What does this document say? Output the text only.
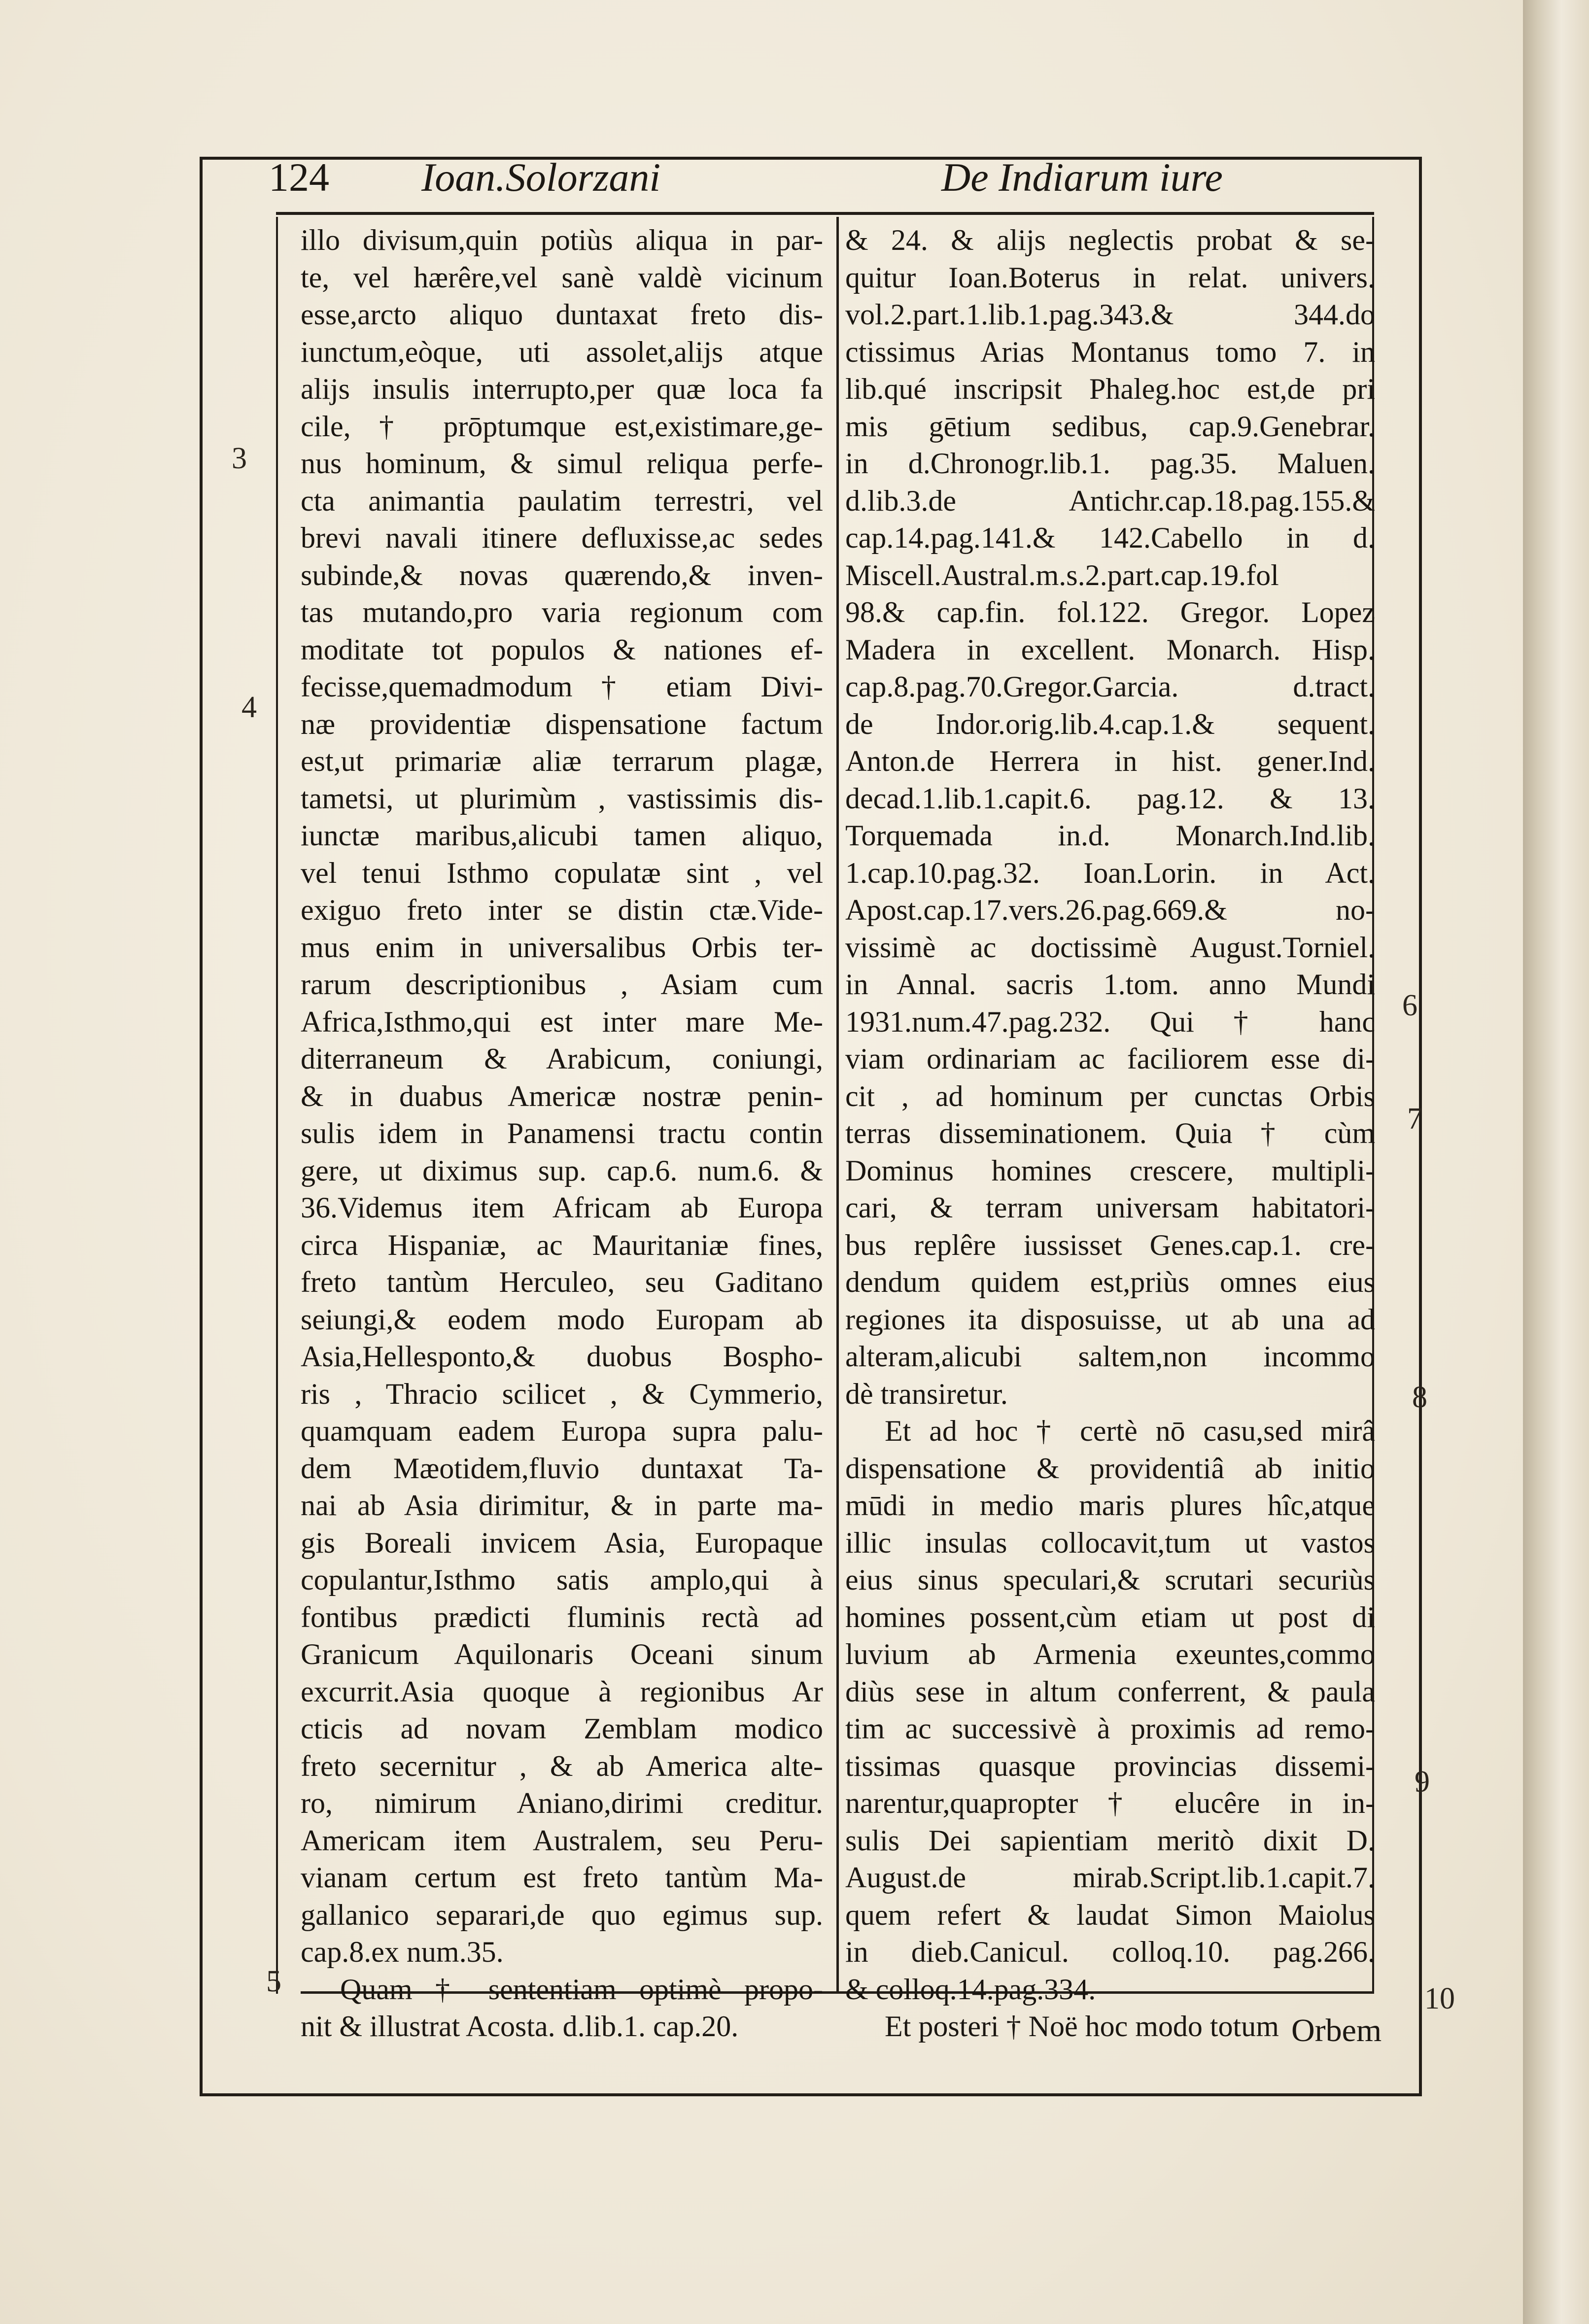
124 Ioan.Solorzani	De Indiarum iure
illo divisum,quin potiùs aliqua in par-
te, vel hærêre,vel sanè valdè vicinum
esse,arcto aliquo duntaxat freto dis-
iunctum,eòque, uti assolet,alijs atque
alijs insulis interrupto,per quæ loca fa
cile, † prōptumque est,existimare,ge-
nus hominum, & simul reliqua perfe-
cta animantia paulatim terrestri, vel
brevi navali itinere defluxisse,ac sedes
subinde,& novas quærendo,& inven-
tas mutando,pro varia regionum com
moditate tot populos & nationes ef-
fecisse,quemadmodum † etiam Divi-
næ providentiæ dispensatione factum
est,ut primariæ aliæ terrarum plagæ,
tametsi, ut plurimùm , vastissimis dis-
iunctæ maribus,alicubi tamen aliquo,
vel tenui Isthmo copulatæ sint , vel
exiguo freto inter se distin ctæ.Vide-
mus enim in universalibus Orbis ter-
rarum descriptionibus , Asiam cum
Africa,Isthmo,qui est inter mare Me-
diterraneum & Arabicum, coniungi,
& in duabus Americæ nostræ penin-
sulis idem in Panamensi tractu contin
gere, ut diximus sup. cap.6. num.6. &
36.Videmus item Africam ab Europa
circa Hispaniæ, ac Mauritaniæ fines,
freto tantùm Herculeo, seu Gaditano
seiungi,& eodem modo Europam ab
Asia,Hellesponto,& duobus Bospho-
ris , Thracio scilicet , & Cymmerio,
quamquam eadem Europa supra palu-
dem Mæotidem,fluvio duntaxat Ta-
nai ab Asia dirimitur, & in parte ma-
gis Boreali invicem Asia, Europaque
copulantur,Isthmo satis amplo,qui à
fontibus prædicti fluminis rectà ad
Granicum Aquilonaris Oceani sinum
excurrit.Asia quoque à regionibus Ar
cticis ad novam Zemblam modico
freto secernitur , & ab America alte-
ro, nimirum Aniano,dirimi creditur.
Americam item Australem, seu Peru-
vianam certum est freto tantùm Ma-
gallanico separari,de quo egimus sup.
cap.8.ex num.35.
Quam † sententiam optimè propo-
nit & illustrat Acosta. d.lib.1. cap.20.
& 24. & alijs neglectis probat & se-
quitur Ioan.Boterus in relat. univers.
vol.2.part.1.lib.1.pag.343.& 344.do
ctissimus Arias Montanus tomo 7. in
lib.qué inscripsit Phaleg.hoc est,de pri
mis gētium sedibus, cap.9.Genebrar.
in d.Chronogr.lib.1. pag.35. Maluen.
d.lib.3.de Antichr.cap.18.pag.155.&
cap.14.pag.141.& 142.Cabello in d.
Miscell.Austral.m.s.2.part.cap.19.fol
98.& cap.fin. fol.122. Gregor. Lopez
Madera in excellent. Monarch. Hisp.
cap.8.pag.70.Gregor.Garcia. d.tract.
de Indor.orig.lib.4.cap.1.& sequent.
Anton.de Herrera in hist. gener.Ind.
decad.1.lib.1.capit.6. pag.12. & 13.
Torquemada in.d. Monarch.Ind.lib.
1.cap.10.pag.32. Ioan.Lorin. in Act.
Apost.cap.17.vers.26.pag.669.& no-
vissimè ac doctissimè August.Torniel.
in Annal. sacris 1.tom. anno Mundi
1931.num.47.pag.232. Qui † hanc
viam ordinariam ac faciliorem esse di-
cit , ad hominum per cunctas Orbis
terras disseminationem. Quia † cùm
Dominus homines crescere, multipli-
cari, & terram universam habitatori-
bus replêre iussisset Genes.cap.1. cre-
dendum quidem est,priùs omnes eius
regiones ita disposuisse, ut ab una ad
alteram,alicubi saltem,non incommo
dè transiretur.
Et ad hoc † certè nō casu,sed mirâ
dispensatione & providentiâ ab initio
mūdi in medio maris plures hîc,atque
illic insulas collocavit,tum ut vastos
eius sinus speculari,& scrutari securiùs
homines possent,cùm etiam ut post di
luvium ab Armenia exeuntes,commo
diùs sese in altum conferrent, & paula
tim ac successivè à proximis ad remo-
tissimas quasque provincias dissemi-
narentur,quapropter † elucêre in in-
sulis Dei sapientiam meritò dixit D.
August.de mirab.Script.lib.1.capit.7.
quem refert & laudat Simon Maiolus
in dieb.Canicul. colloq.10. pag.266.
& colloq.14.pag.334.
Et posteri † Noë hoc modo totum
3
4
5
6
7
8
9
10
Orbem
